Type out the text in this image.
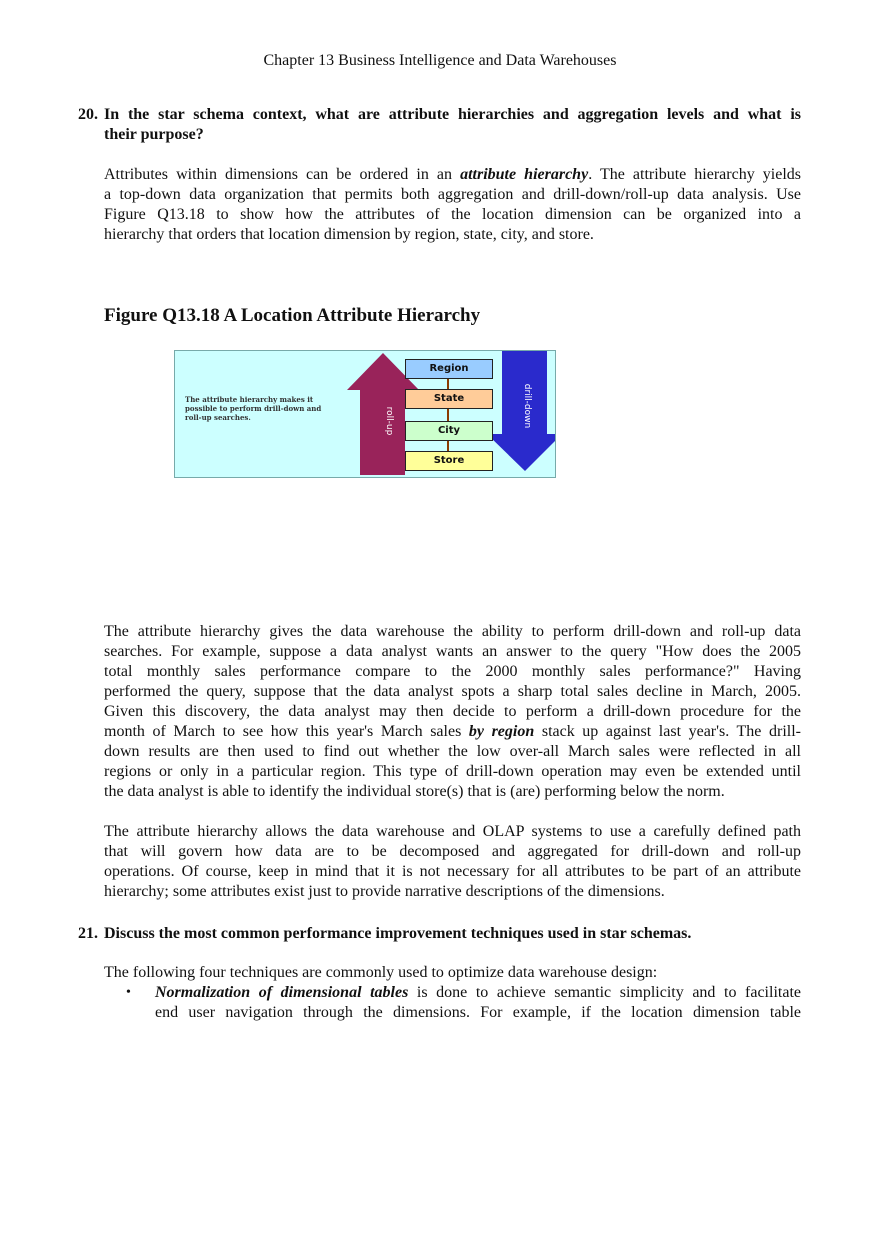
Chapter 13 Business Intelligence and Data Warehouses
20. In the star schema context, what are attribute hierarchies and aggregation levels and what is
their purpose?
The attribute hierarchy makes it possible to perform drill-down and roll-up searches.	roll-up	drill-down
Region
State
City
Store
Attributes within dimensions can be ordered in an attribute hierarchy. The attribute hierarchy yields
a top-down data organization that permits both aggregation and drill-down/roll-up data analysis. Use
Figure Q13.18 to show how the attributes of the location dimension can be organized into a
hierarchy that orders that location dimension by region, state, city, and store.
Figure Q13.18 A Location Attribute Hierarchy
The attribute hierarchy gives the data warehouse the ability to perform drill-down and roll-up data
searches. For example, suppose a data analyst wants an answer to the query "How does the 2005
total monthly sales performance compare to the 2000 monthly sales performance?" Having
performed the query, suppose that the data analyst spots a sharp total sales decline in March, 2005.
Given this discovery, the data analyst may then decide to perform a drill-down procedure for the
month of March to see how this year's March sales by region stack up against last year's. The drill-
down results are then used to find out whether the low over-all March sales were reflected in all
regions or only in a particular region. This type of drill-down operation may even be extended until
the data analyst is able to identify the individual store(s) that is (are) performing below the norm.
The attribute hierarchy allows the data warehouse and OLAP systems to use a carefully defined path
that will govern how data are to be decomposed and aggregated for drill-down and roll-up
operations. Of course, keep in mind that it is not necessary for all attributes to be part of an attribute
hierarchy; some attributes exist just to provide narrative descriptions of the dimensions.
21. Discuss the most common performance improvement techniques used in star schemas.
The following four techniques are commonly used to optimize data warehouse design:
• Normalization of dimensional tables is done to achieve semantic simplicity and to facilitate
end user navigation through the dimensions. For example, if the location dimension table
